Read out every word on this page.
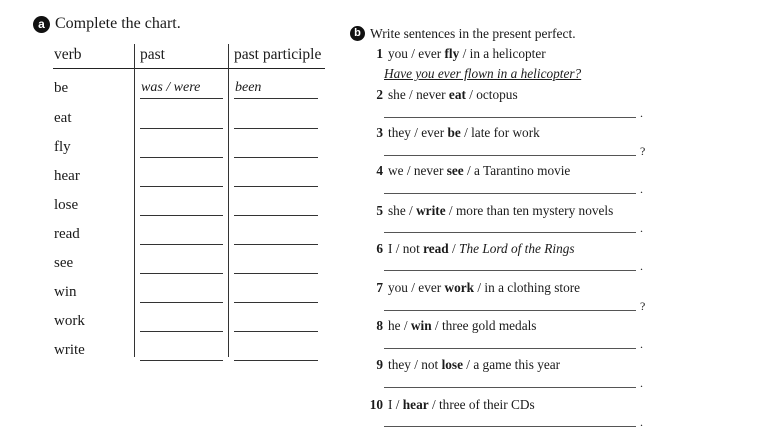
a Complete the chart.
verb	past	past participle
be
eat
fly
hear
lose
read
see
win
work
write
was / were been
b Write sentences in the present perfect.
Have you ever flown in a helicopter?
1 you / ever fly / in a helicopter
2 she / never eat / octopus
.
3 they / ever be / late for work
?
4 we / never see / a Tarantino movie
.
5 she / write / more than ten mystery novels
.
6 I / not read / The Lord of the Rings
.
7 you / ever work / in a clothing store
?
8 he / win / three gold medals
.
9 they / not lose / a game this year
.
10 I / hear / three of their CDs
.
